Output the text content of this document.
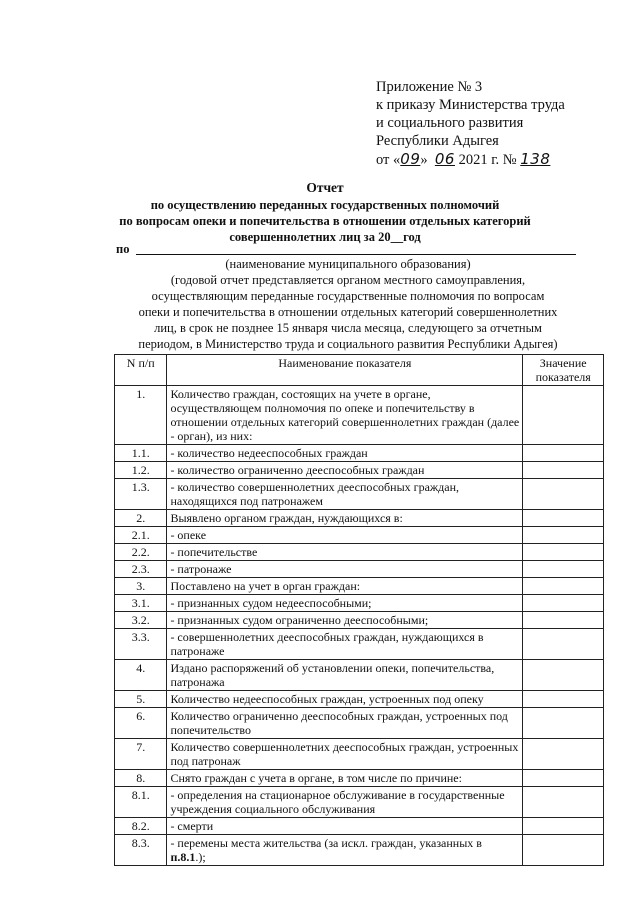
Приложение № 3
к приказу Министерства труда
и социального развития
Республики Адыгея
от «09» 06 2021 г. № 138
Отчет
по осуществлению переданных государственных полномочий
по вопросам опеки и попечительства в отношении отдельных категорий
совершеннолетних лиц за 20__год
по
(наименование муниципального образования)
(годовой отчет представляется органом местного самоуправления,
осуществляющим переданные государственные полномочия по вопросам
опеки и попечительства в отношении отдельных категорий совершеннолетних
лиц, в срок не позднее 15 января числа месяца, следующего за отчетным
периодом, в Министерство труда и социального развития Республики Адыгея)
N п/п	Наименование показателя	Значение показателя
1.	Количество граждан, состоящих на учете в органе, осуществляющем полномочия по опеке и попечительству в отношении отдельных категорий совершеннолетних граждан (далее - орган), из них:	
1.1.	- количество недееспособных граждан	
1.2.	- количество ограниченно дееспособных граждан	
1.3.	- количество совершеннолетних дееспособных граждан, находящихся под патронажем	
2.	Выявлено органом граждан, нуждающихся в:	
2.1.	- опеке	
2.2.	- попечительстве	
2.3.	- патронаже	
3.	Поставлено на учет в орган граждан:	
3.1.	- признанных судом недееспособными;	
3.2.	- признанных судом ограниченно дееспособными;	
3.3.	- совершеннолетних дееспособных граждан, нуждающихся в патронаже	
4.	Издано распоряжений об установлении опеки, попечительства, патронажа	
5.	Количество недееспособных граждан, устроенных под опеку	
6.	Количество ограниченно дееспособных граждан, устроенных под попечительство	
7.	Количество совершеннолетних дееспособных граждан, устроенных под патронаж	
8.	Снято граждан с учета в органе, в том числе по причине:	
8.1.	- определения на стационарное обслуживание в государственные учреждения социального обслуживания	
8.2.	- смерти	
8.3.	- перемены места жительства (за искл. граждан, указанных в п.8.1.);	
